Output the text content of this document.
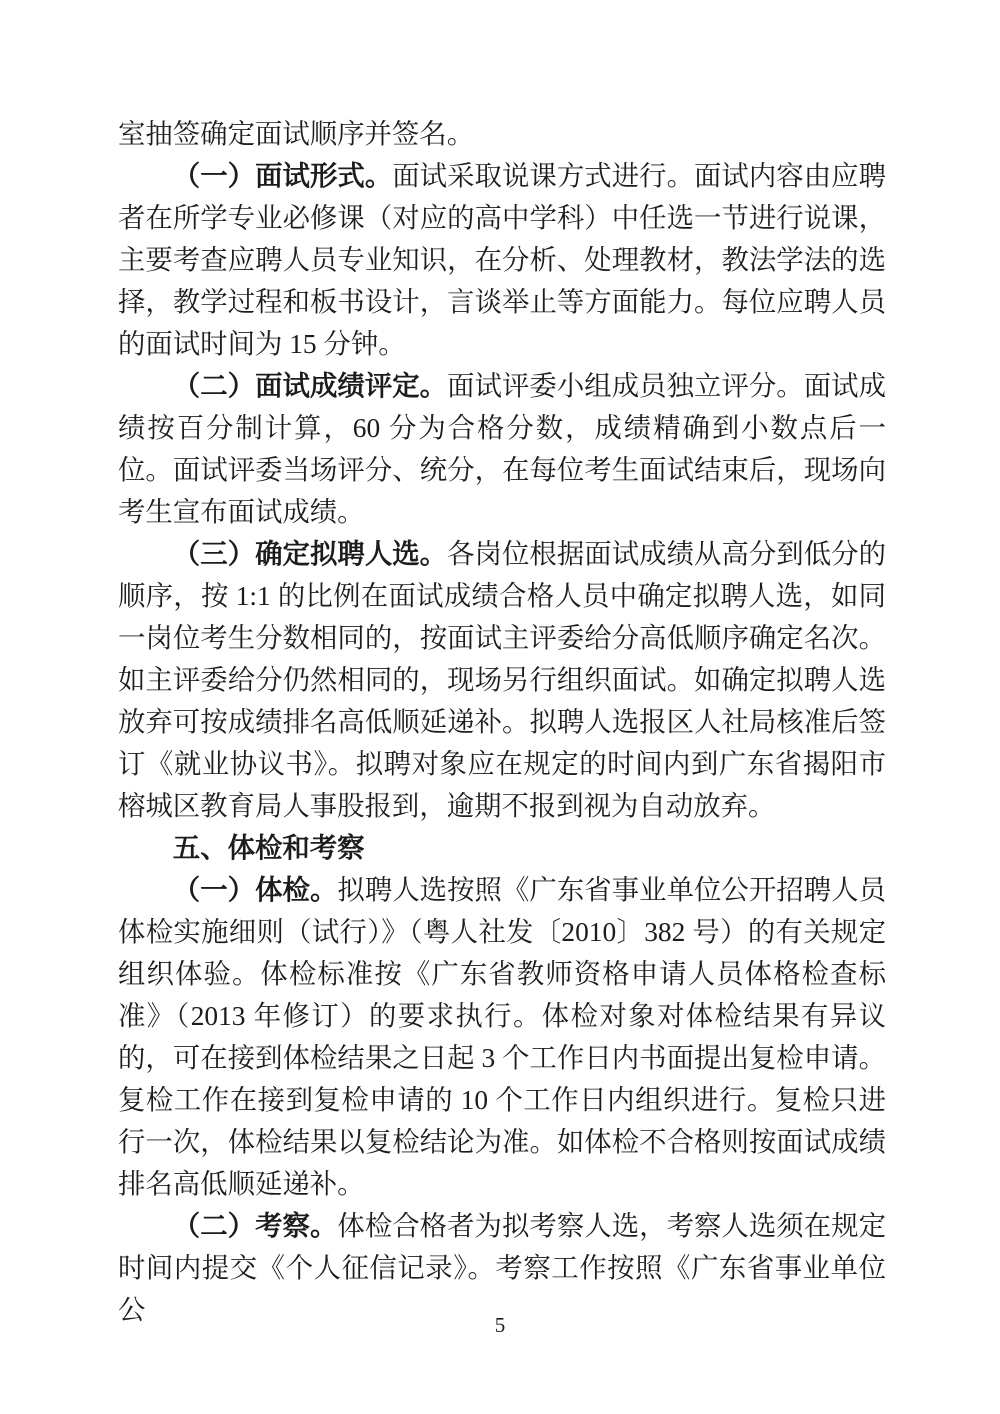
室抽签确定面试顺序并签名。

（一）面试形式。面试采取说课方式进行。面试内容由应聘者在所学专业必修课（对应的高中学科）中任选一节进行说课，主要考查应聘人员专业知识，在分析、处理教材，教法学法的选择，教学过程和板书设计，言谈举止等方面能力。每位应聘人员的面试时间为 15 分钟。

（二）面试成绩评定。面试评委小组成员独立评分。面试成绩按百分制计算，60 分为合格分数，成绩精确到小数点后一位。面试评委当场评分、统分，在每位考生面试结束后，现场向考生宣布面试成绩。

（三）确定拟聘人选。各岗位根据面试成绩从高分到低分的顺序，按 1:1 的比例在面试成绩合格人员中确定拟聘人选，如同一岗位考生分数相同的，按面试主评委给分高低顺序确定名次。如主评委给分仍然相同的，现场另行组织面试。如确定拟聘人选放弃可按成绩排名高低顺延递补。拟聘人选报区人社局核准后签订《就业协议书》。拟聘对象应在规定的时间内到广东省揭阳市榕城区教育局人事股报到，逾期不报到视为自动放弃。

五、体检和考察

（一）体检。拟聘人选按照《广东省事业单位公开招聘人员体检实施细则（试行）》（粤人社发〔2010〕382 号）的有关规定组织体验。体检标准按《广东省教师资格申请人员体格检查标准》（2013 年修订）的要求执行。体检对象对体检结果有异议的，可在接到体检结果之日起 3 个工作日内书面提出复检申请。复检工作在接到复检申请的 10 个工作日内组织进行。复检只进行一次，体检结果以复检结论为准。如体检不合格则按面试成绩排名高低顺延递补。

（二）考察。体检合格者为拟考察人选，考察人选须在规定时间内提交《个人征信记录》。考察工作按照《广东省事业单位公	5
